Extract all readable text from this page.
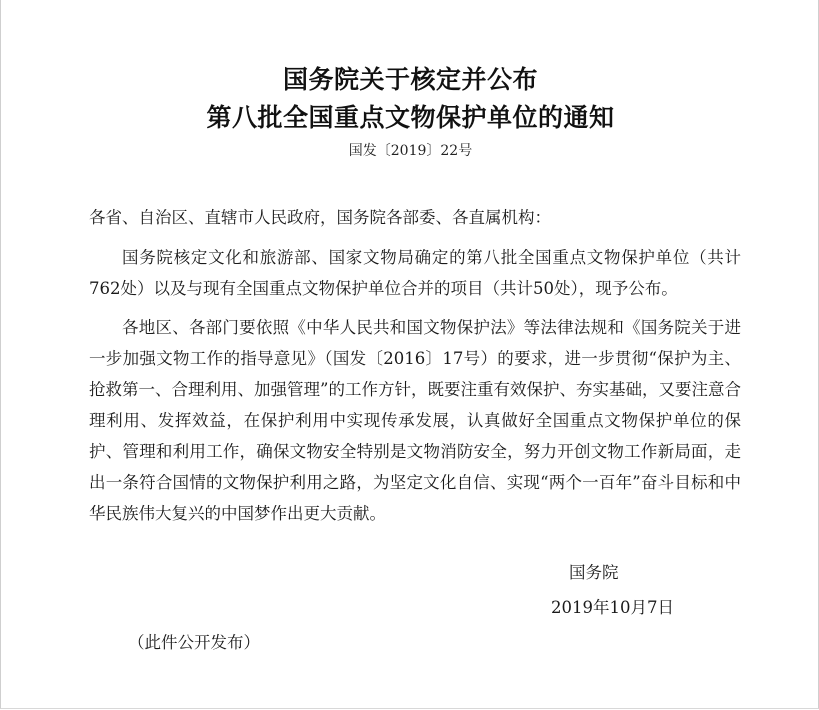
国务院关于核定并公布
第八批全国重点文物保护单位的通知
国发〔2019〕22号
各省、自治区、直辖市人民政府，国务院各部委、各直属机构：

国务院核定文化和旅游部、国家文物局确定的第八批全国重点文物保护单位（共计762处）以及与现有全国重点文物保护单位合并的项目（共计50处），现予公布。

各地区、各部门要依照《中华人民共和国文物保护法》等法律法规和《国务院关于进一步加强文物工作的指导意见》（国发〔2016〕17号）的要求，进一步贯彻“保护为主、抢救第一、合理利用、加强管理”的工作方针，既要注重有效保护、夯实基础，又要注意合理利用、发挥效益，在保护利用中实现传承发展，认真做好全国重点文物保护单位的保护、管理和利用工作，确保文物安全特别是文物消防安全，努力开创文物工作新局面，走出一条符合国情的文物保护利用之路，为坚定文化自信、实现“两个一百年”奋斗目标和中华民族伟大复兴的中国梦作出更大贡献。

国务院
2019年10月7日
（此件公开发布）
